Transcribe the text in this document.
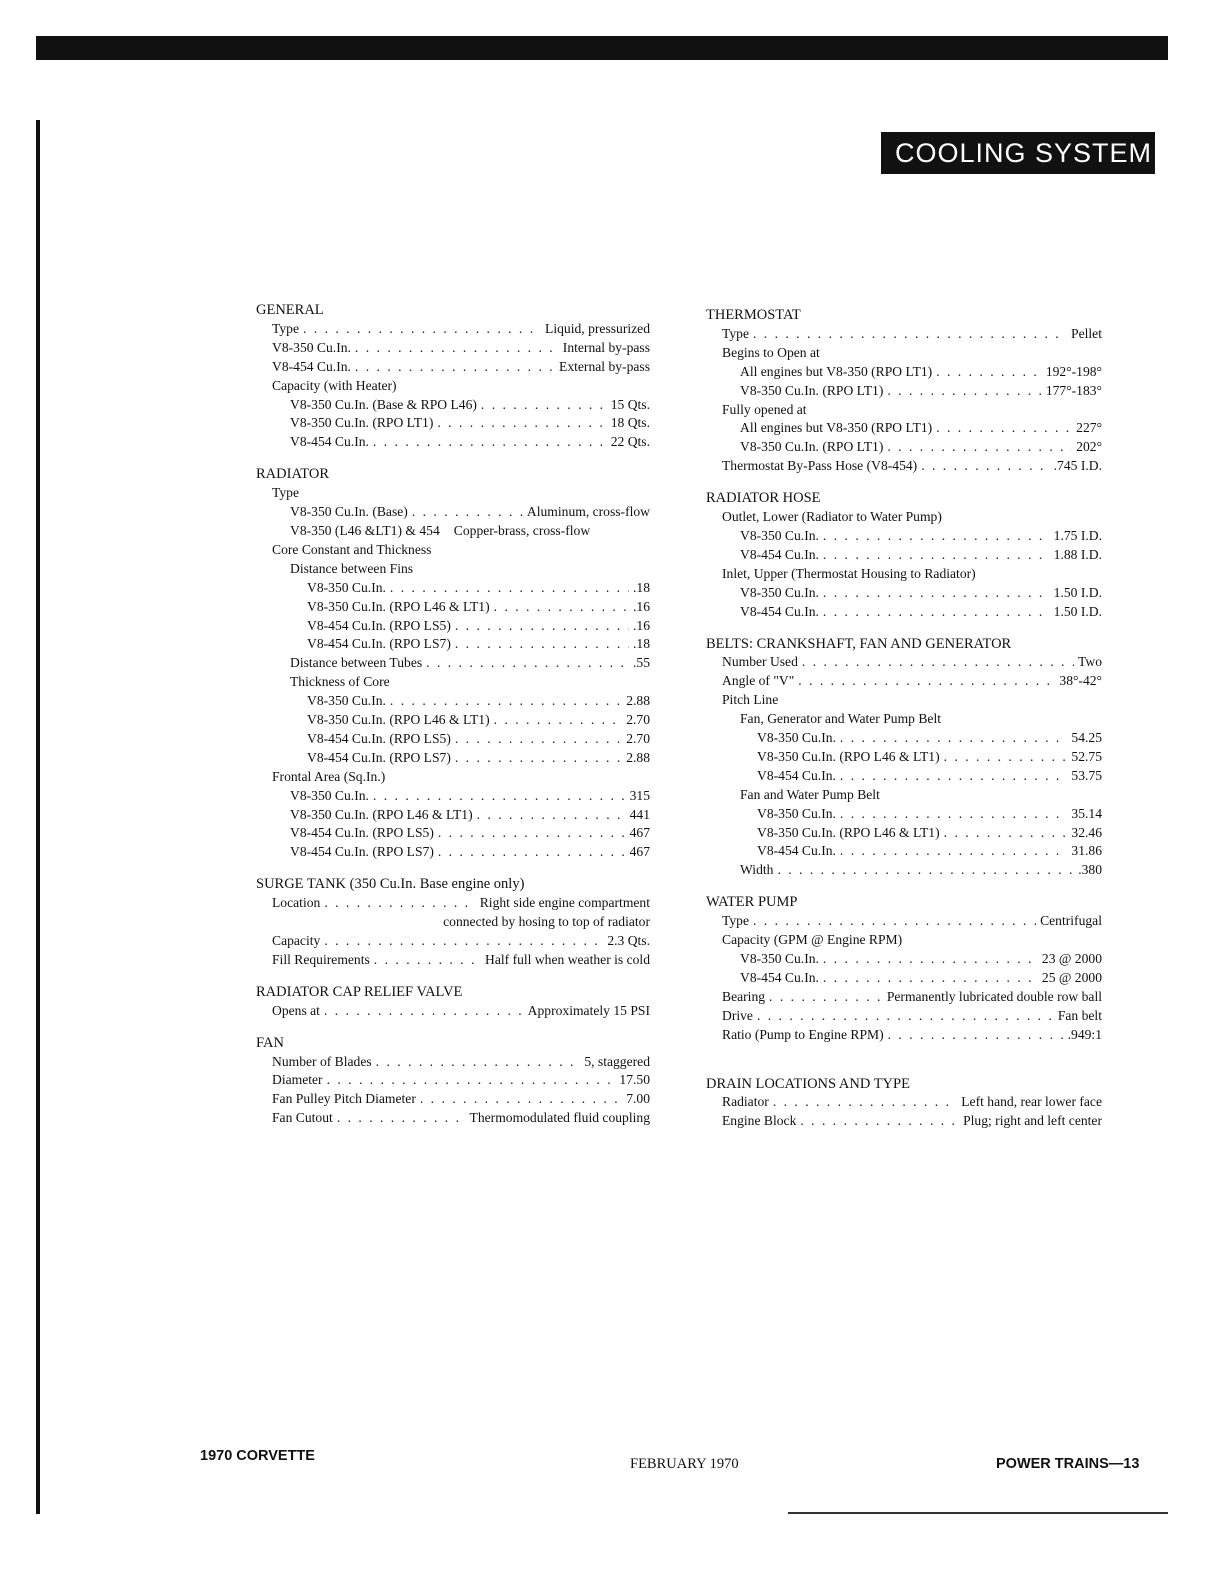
COOLING SYSTEM
GENERAL
Type . . .	Liquid, pressurized
V8-350 Cu.In. . . .	Internal by-pass
V8-454 Cu.In. . . .	External by-pass
Capacity (with Heater)
V8-350 Cu.In. (Base & RPO L46) . . .	15 Qts.
V8-350 Cu.In. (RPO LT1) . . .	18 Qts.
V8-454 Cu.In. . . .	22 Qts.
RADIATOR
Type
V8-350 Cu.In. (Base) . . .	Aluminum, cross-flow
V8-350 (L46 &LT1) & 454 Copper-brass, cross-flow
Core Constant and Thickness
Distance between Fins
V8-350 Cu.In. . . .	.18
V8-350 Cu.In. (RPO L46 & LT1) . . .	.16
V8-454 Cu.In. (RPO LS5) . . .	.16
V8-454 Cu.In. (RPO LS7) . . .	.18
Distance between Tubes . . .	.55
Thickness of Core
V8-350 Cu.In. . . .	2.88
V8-350 Cu.In. (RPO L46 & LT1) . . .	2.70
V8-454 Cu.In. (RPO LS5) . . .	2.70
V8-454 Cu.In. (RPO LS7) . . .	2.88
Frontal Area (Sq.In.)
V8-350 Cu.In. . . .	315
V8-350 Cu.In. (RPO L46 & LT1) . . .	441
V8-454 Cu.In. (RPO LS5) . . .	467
V8-454 Cu.In. (RPO LS7) . . .	467
SURGE TANK (350 Cu.In. Base engine only)
Location . . .	Right side engine compartment
connected by hosing to top of radiator
Capacity . . .	2.3 Qts.
Fill Requirements . . .	Half full when weather is cold
RADIATOR CAP RELIEF VALVE
Opens at . . .	Approximately 15 PSI
FAN
Number of Blades . . .	5, staggered
Diameter . . .	17.50
Fan Pulley Pitch Diameter . . .	7.00
Fan Cutout . . .	Thermomodulated fluid coupling
THERMOSTAT
Type . . .	Pellet
Begins to Open at
All engines but V8-350 (RPO LT1) . . .	192°-198°
V8-350 Cu.In. (RPO LT1) . . .	177°-183°
Fully opened at
All engines but V8-350 (RPO LT1) . . .	227°
V8-350 Cu.In. (RPO LT1) . . .	202°
Thermostat By-Pass Hose (V8-454) . . .	.745 I.D.
RADIATOR HOSE
Outlet, Lower (Radiator to Water Pump)
V8-350 Cu.In. . . .	1.75 I.D.
V8-454 Cu.In. . . .	1.88 I.D.
Inlet, Upper (Thermostat Housing to Radiator)
V8-350 Cu.In. . . .	1.50 I.D.
V8-454 Cu.In. . . .	1.50 I.D.
BELTS: CRANKSHAFT, FAN AND GENERATOR
Number Used . . .	Two
Angle of "V" . . .	38°-42°
Pitch Line
Fan, Generator and Water Pump Belt
V8-350 Cu.In. . . .	54.25
V8-350 Cu.In. (RPO L46 & LT1) . . .	52.75
V8-454 Cu.In. . . .	53.75
Fan and Water Pump Belt
V8-350 Cu.In. . . .	35.14
V8-350 Cu.In. (RPO L46 & LT1) . . .	32.46
V8-454 Cu.In. . . .	31.86
Width . . .	.380
WATER PUMP
Type . . .	Centrifugal
Capacity (GPM @ Engine RPM)
V8-350 Cu.In. . . .	23 @ 2000
V8-454 Cu.In. . . .	25 @ 2000
Bearing . . .	Permanently lubricated double row ball
Drive . . .	Fan belt
Ratio (Pump to Engine RPM) . . .	.949:1
DRAIN LOCATIONS AND TYPE
Radiator . . .	Left hand, rear lower face
Engine Block . . .	Plug; right and left center
1970 CORVETTE	FEBRUARY 1970	POWER TRAINS—13
